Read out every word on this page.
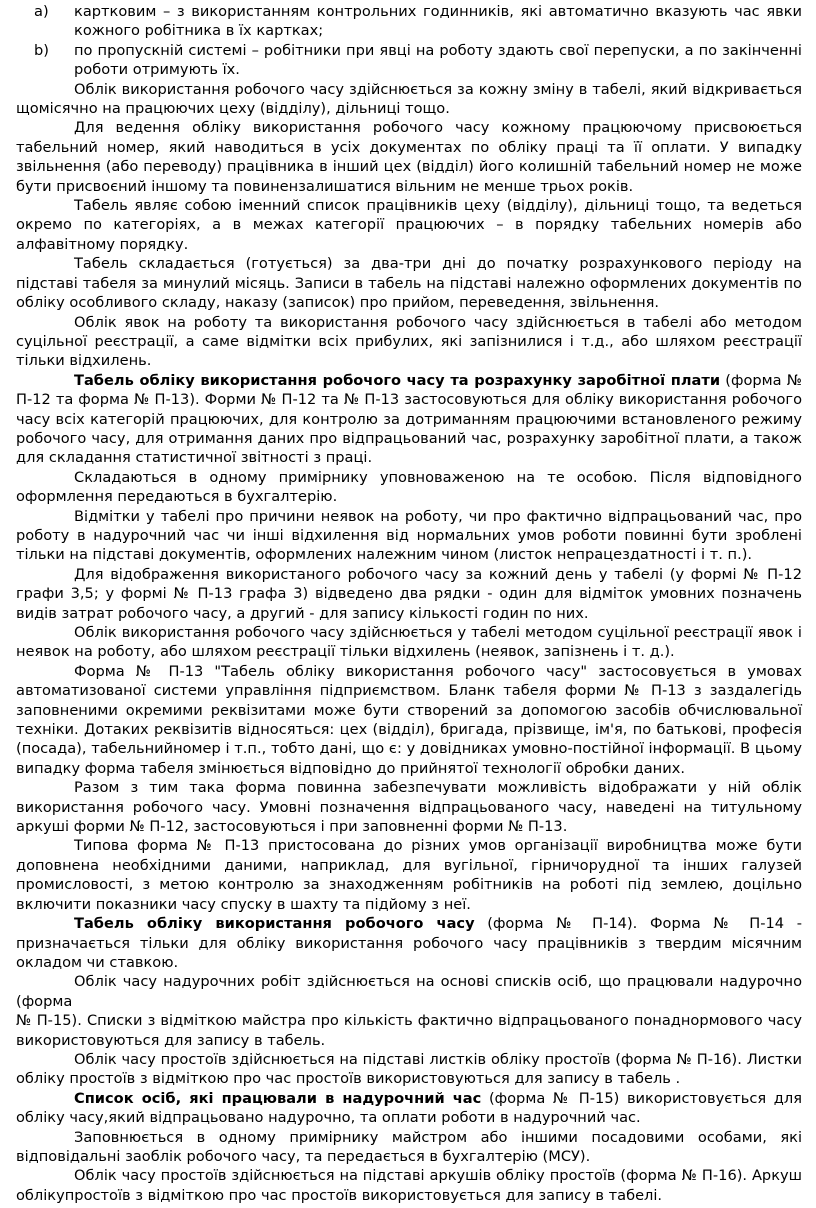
a)	картковим – з використанням контрольних годинників, які автоматично вказують час явки кожного робітника в їх картках;
b)	по пропускній системі – робітники при явці на роботу здають свої перепуски, а по закінченні роботи отримують їх.

Облік використання робочого часу здійснюється за кожну зміну в табелі, який відкривається щомісячно на працюючих цеху (відділу), дільниці тощо.

Для ведення обліку використання робочого часу кожному працюючому присвоюється табельний номер, який наводиться в усіх документах по обліку праці та її оплати. У випадку звільнення (або переводу) працівника в інший цех (відділ) його колишній табельний номер не може бути присвоєний іншому та повинензалишатися вільним не менше трьох років.

Табель являє собою іменний список працівників цеху (відділу), дільниці тощо, та ведеться окремо по категоріях, а в межах категорії працюючих – в порядку табельних номерів або алфавітному порядку.

Табель складається (готується) за два-три дні до початку розрахункового періоду на підставі табеля за минулий місяць. Записи в табель на підставі належно оформлених документів по обліку особливого складу, наказу (записок) про прийом, переведення, звільнення.

Облік явок на роботу та використання робочого часу здійснюється в табелі або методом суцільної реєстрації, а саме відмітки всіх прибулих, які запізнилися і т.д., або шляхом реєстрації тільки відхилень.

Табель обліку використання робочого часу та розрахунку заробітної плати (форма № П-12 та форма № П-13). Форми № П-12 та № П-13 застосовуються для обліку використання робочого часу всіх категорій працюючих, для контролю за дотриманням працюючими встановленого режиму робочого часу, для отримання даних про відпрацьований час, розрахунку заробітної плати, а також для складання статистичної звітності з праці.

Складаються в одному примірнику уповноваженою на те особою. Після відповідного оформлення передаються в бухгалтерію.

Відмітки у табелі про причини неявок на роботу, чи про фактично відпрацьований час, про роботу в надурочний час чи інші відхилення від нормальних умов роботи повинні бути зроблені тільки на підставі документів, оформлених належним чином (листок непрацездатності і т. п.).

Для відображення використаного робочого часу за кожний день у табелі (у формі № П-12 графи 3,5; у формі № П-13 графа 3) відведено два рядки - один для відміток умовних позначень видів затрат робочого часу, а другий - для запису кількості годин по них.

Облік використання робочого часу здійснюється у табелі методом суцільної реєстрації явок і неявок на роботу, або шляхом реєстрації тільки відхилень (неявок, запізнень і т. д.).

Форма № П-13 "Табель обліку використання робочого часу" застосовується в умовах автоматизованої системи управління підприємством. Бланк табеля форми № П-13 з заздалегідь заповненими окремими реквізитами може бути створений за допомогою засобів обчислювальної техніки. Дотаких реквізитів відносяться: цех (відділ), бригада, прізвище, ім'я, по батькові, професія (посада), табельнийномер і т.п., тобто дані, що є: у довідниках умовно-постійної інформації. В цьому випадку форма табеля змінюється відповідно до прийнятої технології обробки даних.

Разом з тим така форма повинна забезпечувати можливість відображати у ній облік використання робочого часу. Умовні позначення відпрацьованого часу, наведені на титульному аркуші форми № П-12, застосовуються і при заповненні форми № П-13.

Типова форма № П-13 пристосована до різних умов організації виробництва може бути доповнена необхідними даними, наприклад, для вугільної, гірничорудної та інших галузей промисловості, з метою контролю за знаходженням робітників на роботі під землею, доцільно включити показники часу спуску в шахту та підйому з неї.

Табель обліку використання робочого часу (форма № П-14). Форма № П-14 - призначається тільки для обліку використання робочого часу працівників з твердим місячним окладом чи ставкою.

Облік часу надурочних робіт здійснюється на основі списків осіб, що працювали надурочно (форма

№ П-15). Списки з відміткою майстра про кількість фактично відпрацьованого понаднормового часу використовуються для запису в табель.

Облік часу простоїв здійснюється на підставі листків обліку простоїв (форма № П-16). Листки обліку простоїв з відміткою про час простоїв використовуються для запису в табель .

Список осіб, які працювали в надурочний час (форма № П-15) використовується для обліку часу,який відпрацьовано надурочно, та оплати роботи в надурочний час.

Заповнюється в одному примірнику майстром або іншими посадовими особами, які відповідальні заоблік робочого часу, та передається в бухгалтерію (МСУ).

Облік часу простоїв здійснюється на підставі аркушів обліку простоїв (форма № П-16). Аркуш облікупростоїв з відміткою про час простоїв використовується для запису в табелі.
